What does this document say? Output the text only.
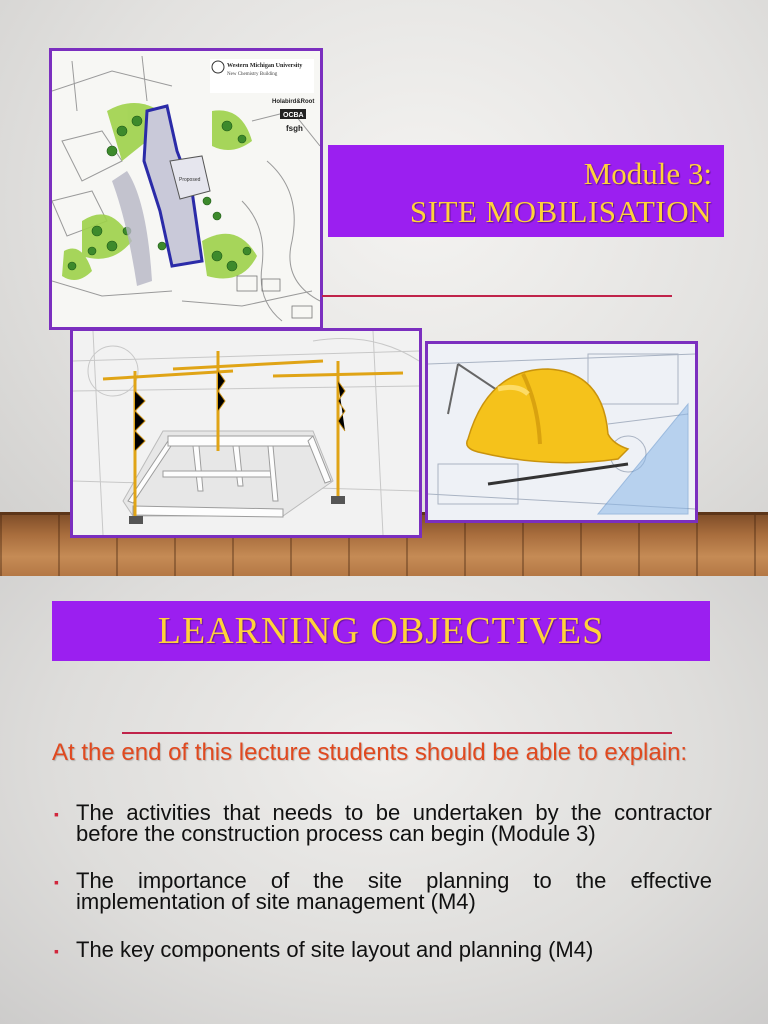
Proposed
Western Michigan University
New Chemistry Building
Holabird&Root
OCBA
fsgh
Module 3:
SITE MOBILISATION
LEARNING OBJECTIVES
At the end of this lecture students should be able to explain:
▪ The activities that needs to be undertaken by the contractor before the construction process can begin (Module 3)
▪ The importance of the site planning to the effective implementation of site management (M4)
▪ The key components of site layout and planning (M4)
